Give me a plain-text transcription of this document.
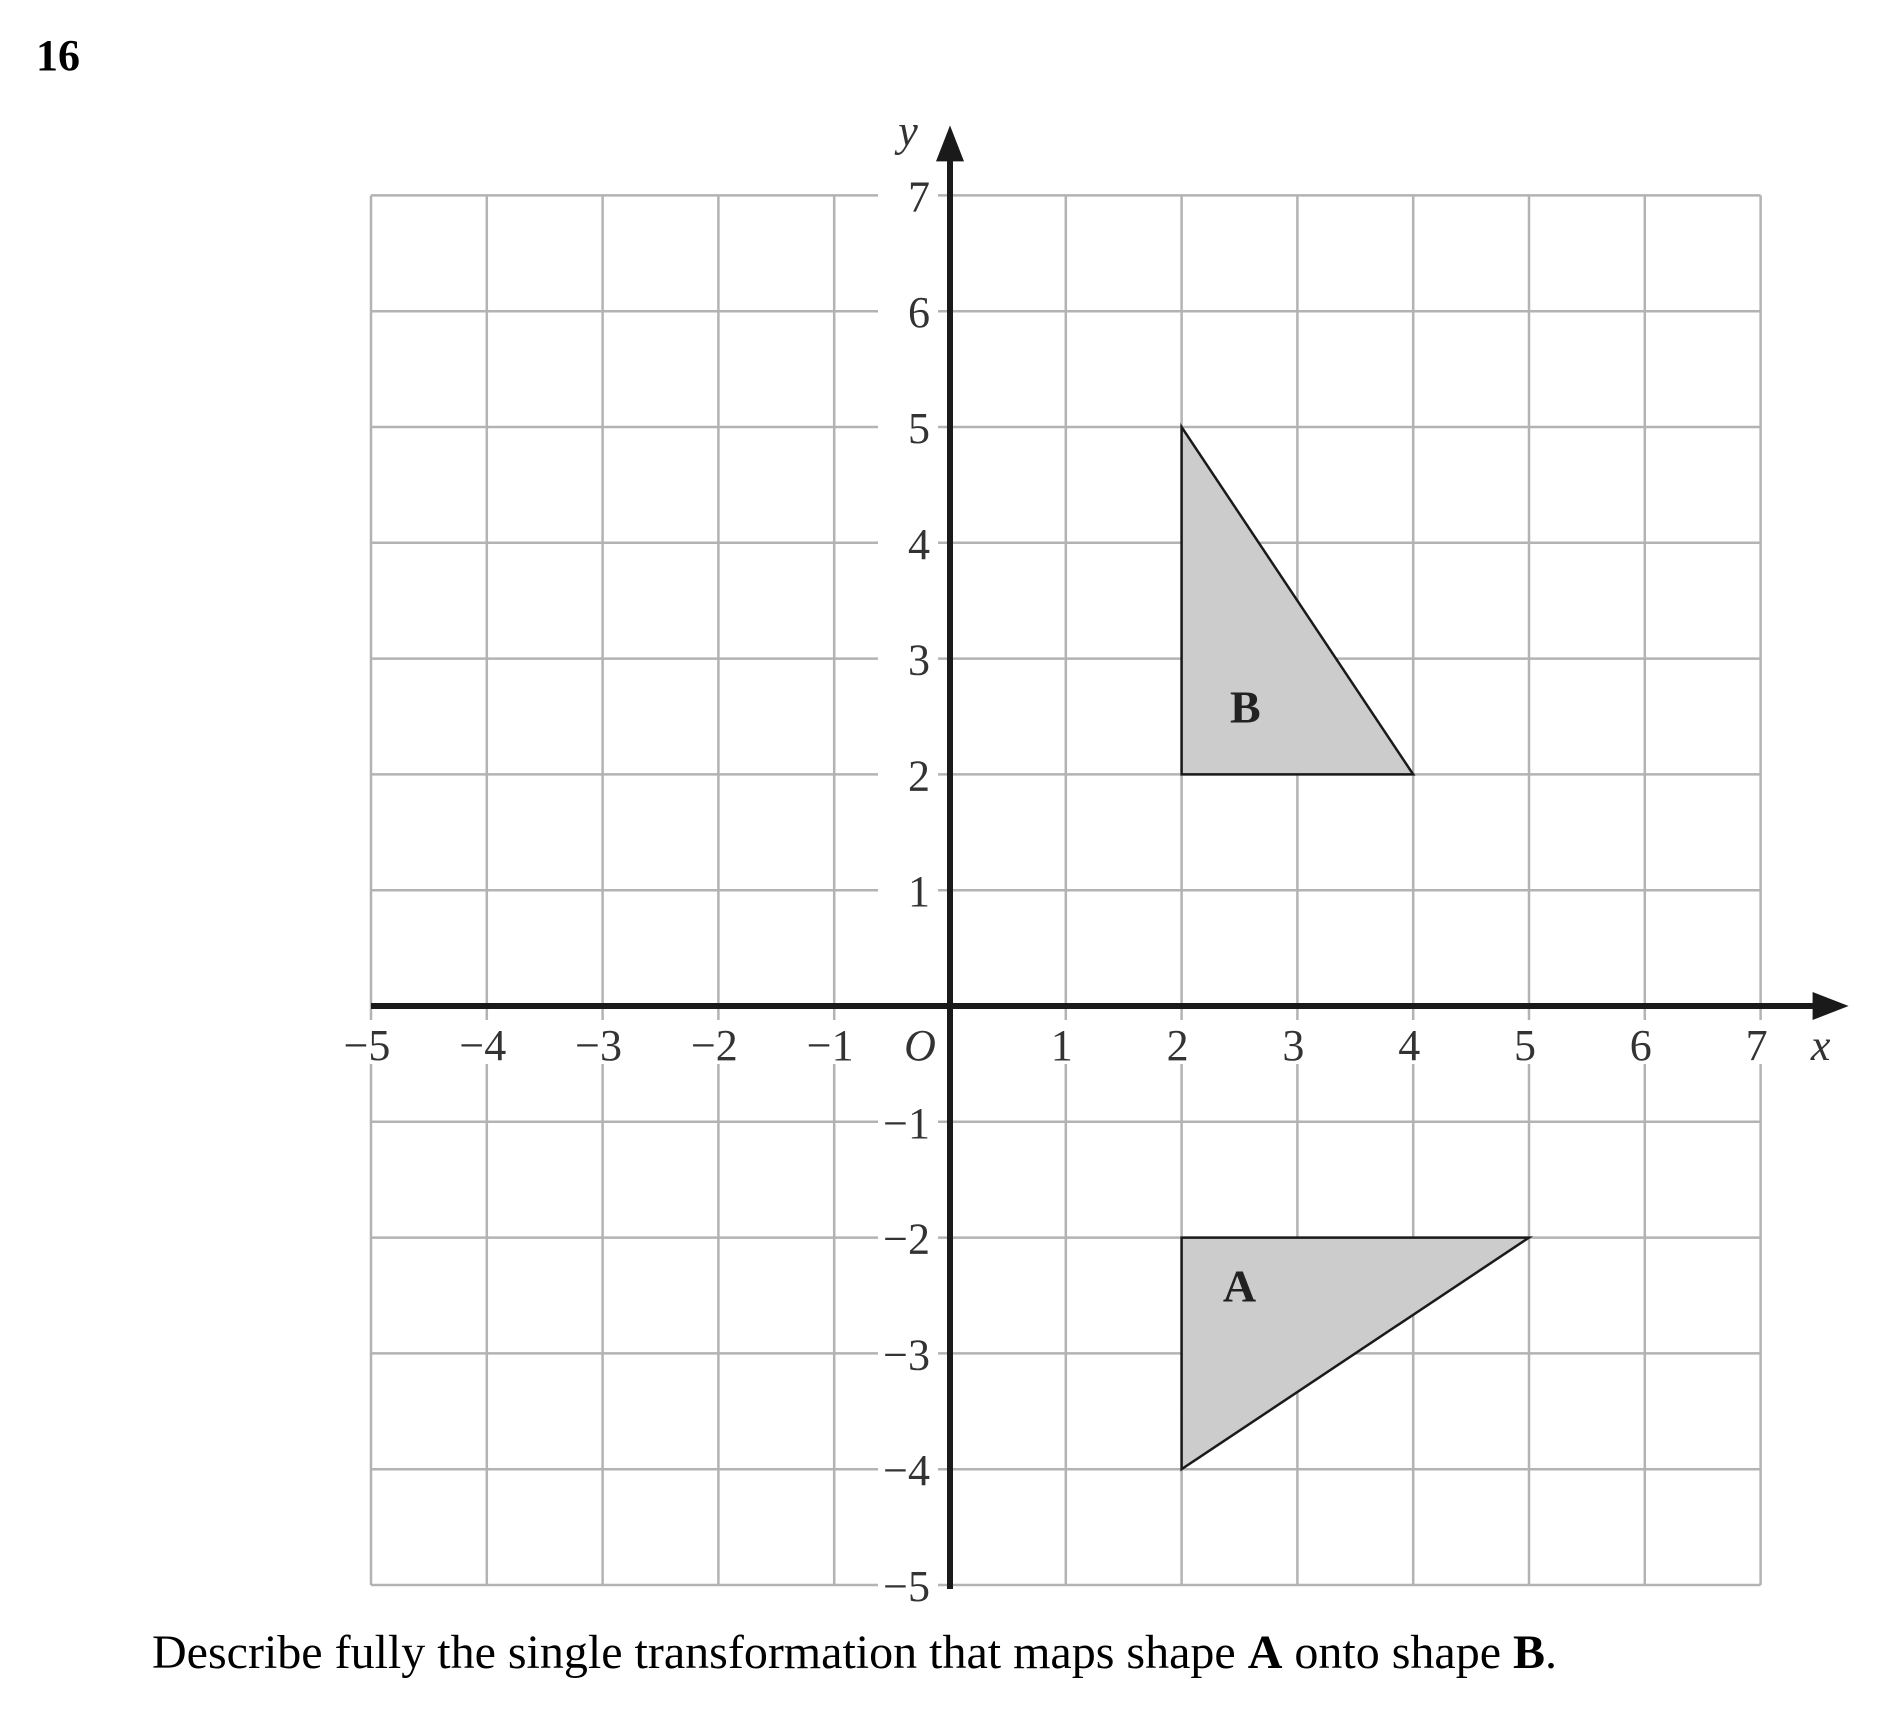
16
A
B
−5 −4 −3 −2 −1	1 2 3 4 5 6 7
7
6
5
4
3
2
1
−1
−2
−3
−4
−5
O	x
y
Describe fully the single transformation that maps shape A onto shape B.
